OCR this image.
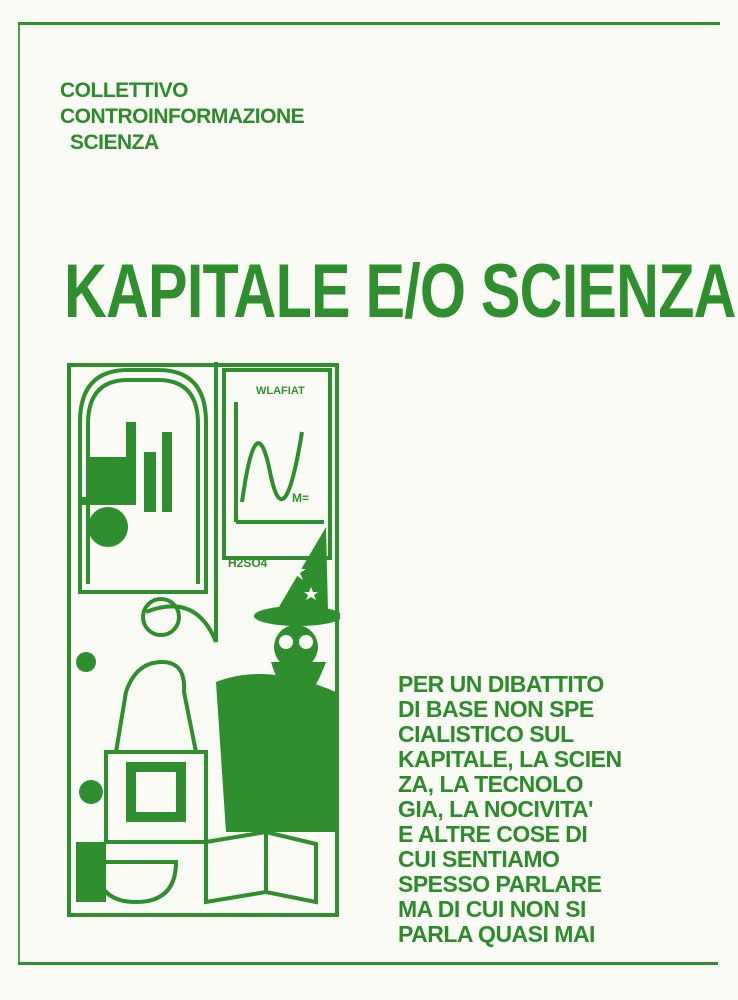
COLLETTIVO
CONTROINFORMAZIONE
SCIENZA
KAPITALE E/O SCIENZA
WLAFIAT
H2SO4
M=
PER UN DIBATTITO
DI BASE NON SPE
CIALISTICO SUL
KAPITALE, LA SCIEN
ZA, LA TECNOLO
GIA, LA NOCIVITA'
E ALTRE COSE DI
CUI SENTIAMO
SPESSO PARLARE
MA DI CUI NON SI
PARLA QUASI MAI
